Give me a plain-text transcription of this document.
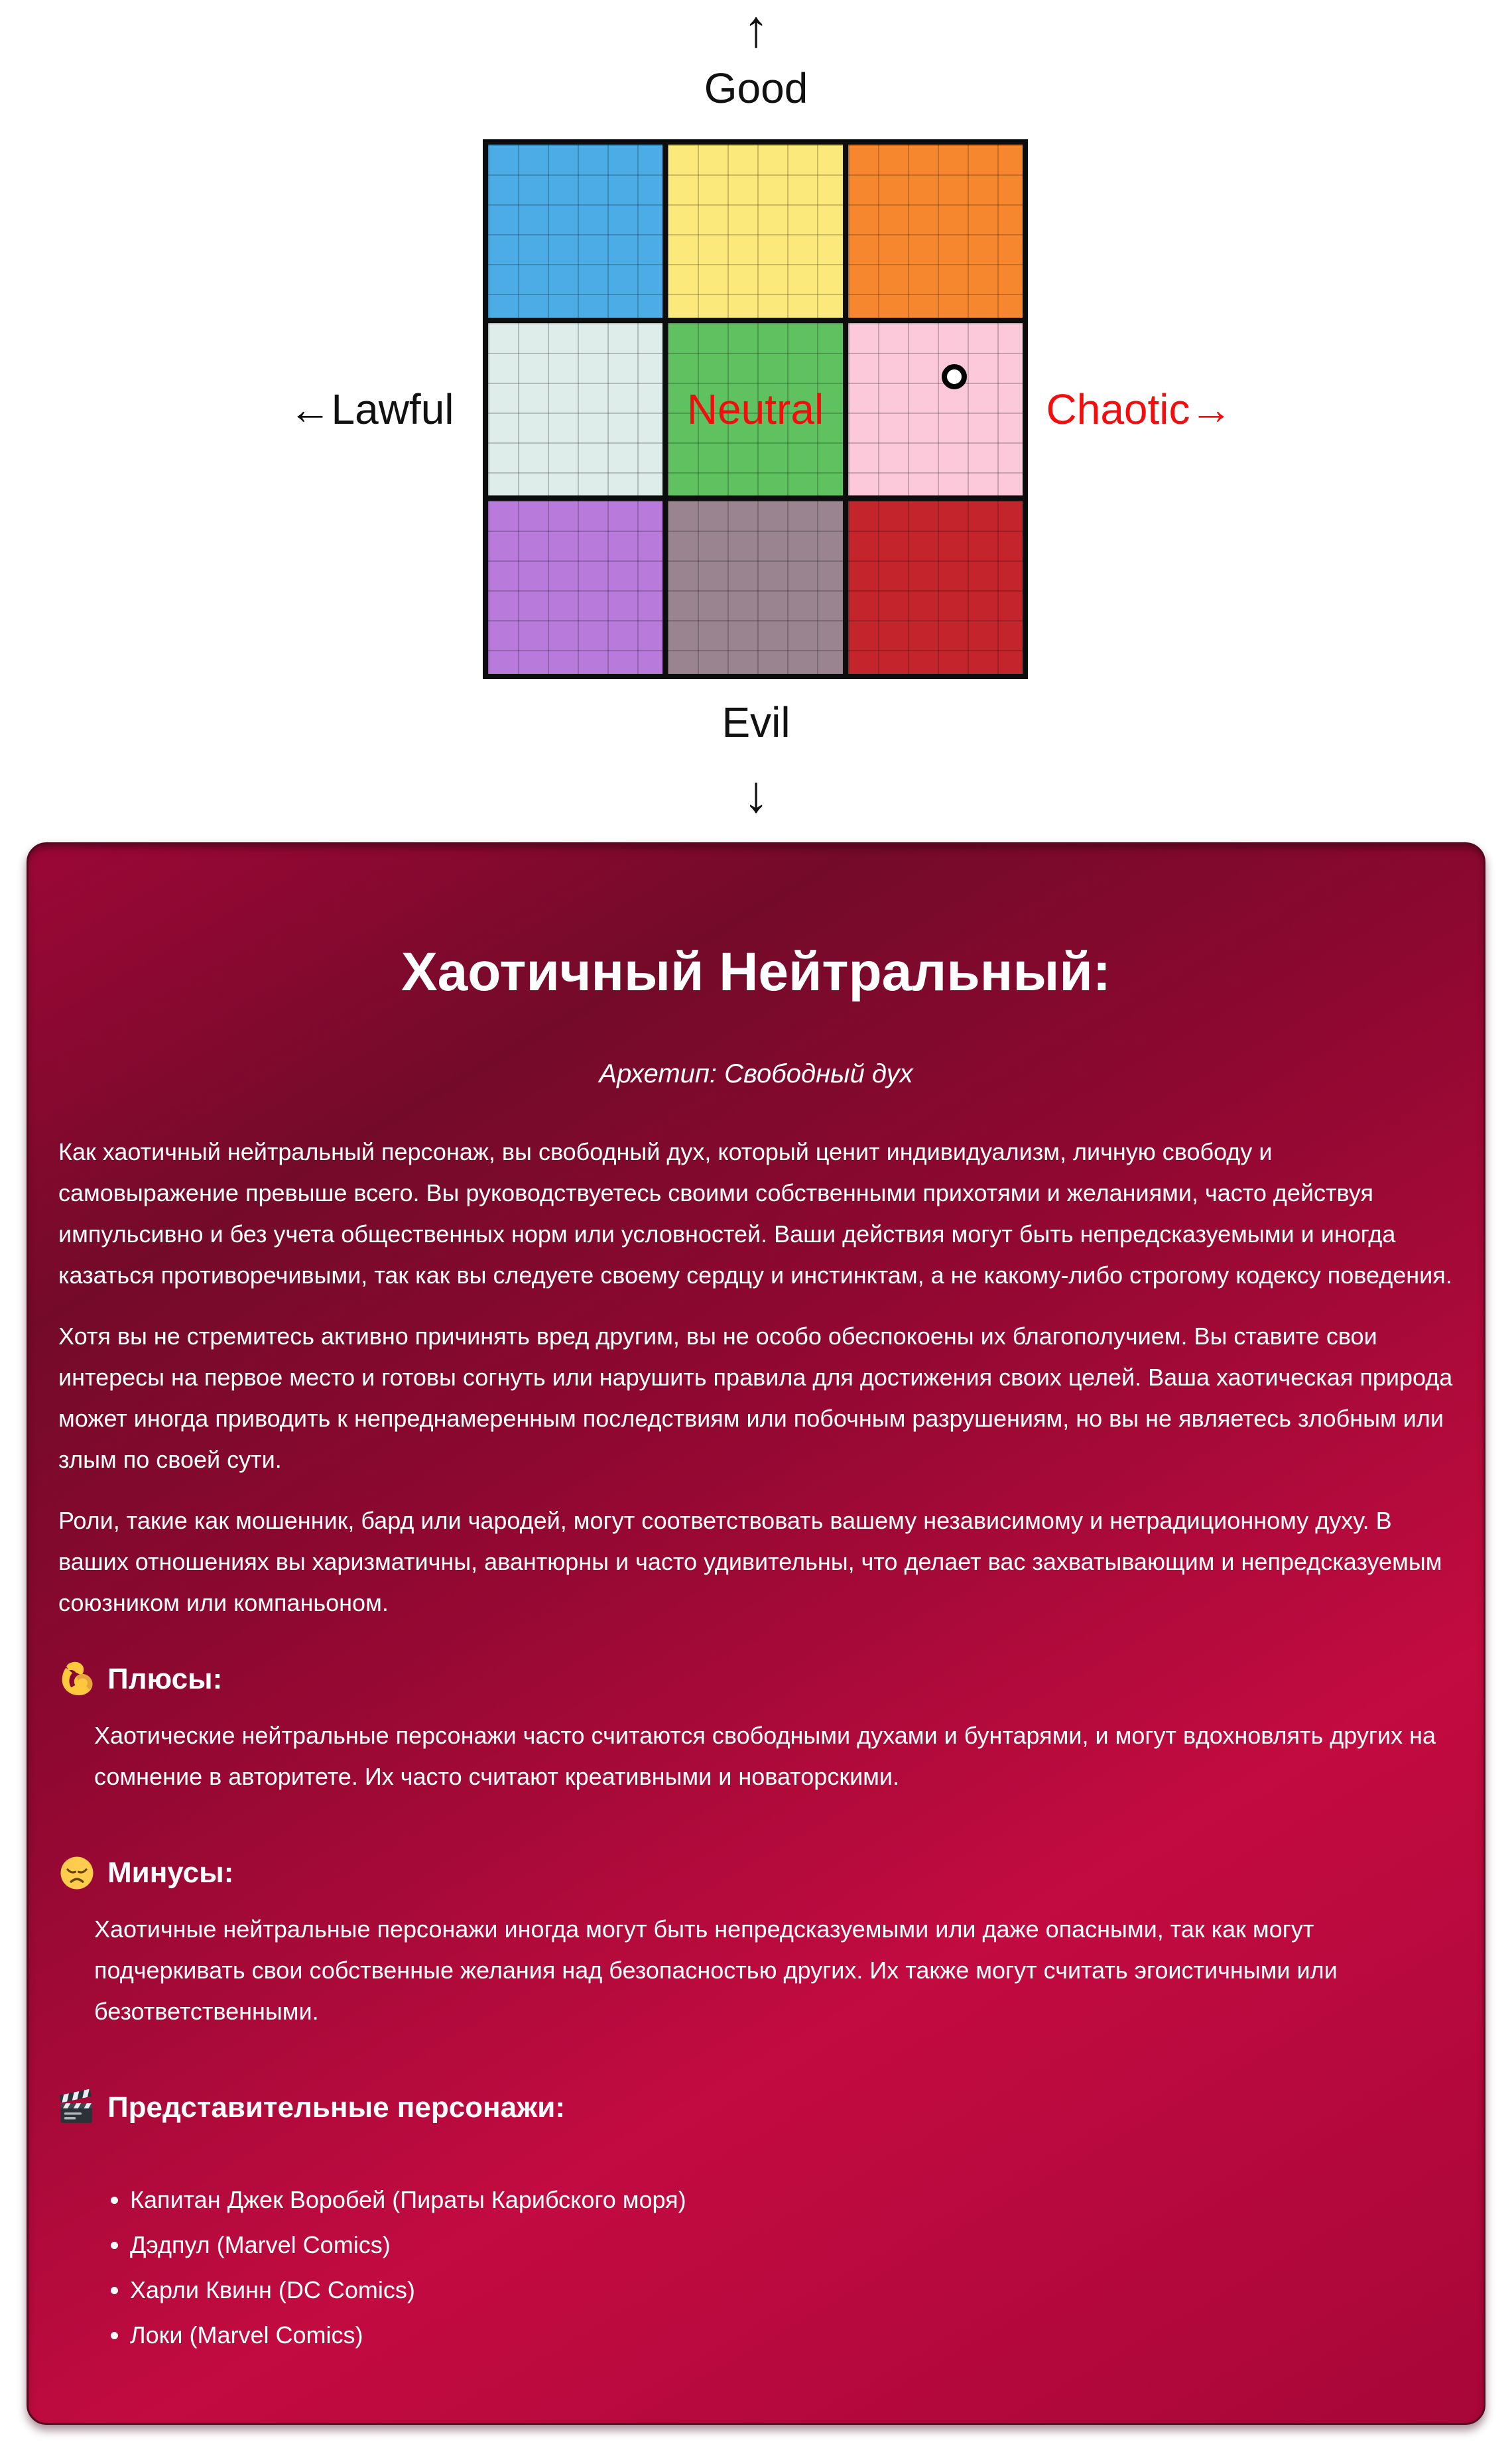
↑
Good
←Lawful	Chaotic→
Neutral
Evil
↓
Хаотичный Нейтральный:
Архетип: Свободный дух

Как хаотичный нейтральный персонаж, вы свободный дух, который ценит индивидуализм, личную свободу и самовыражение превыше всего. Вы руководствуетесь своими собственными прихотями и желаниями, часто действуя импульсивно и без учета общественных норм или условностей. Ваши действия могут быть непредсказуемыми и иногда казаться противоречивыми, так как вы следуете своему сердцу и инстинктам, а не какому-либо строгому кодексу поведения.

Хотя вы не стремитесь активно причинять вред другим, вы не особо обеспокоены их благополучием. Вы ставите свои интересы на первое место и готовы согнуть или нарушить правила для достижения своих целей. Ваша хаотическая природа может иногда приводить к непреднамеренным последствиям или побочным разрушениям, но вы не являетесь злобным или злым по своей сути.

Роли, такие как мошенник, бард или чародей, могут соответствовать вашему независимому и нетрадиционному духу. В ваших отношениях вы харизматичны, авантюрны и часто удивительны, что делает вас захватывающим и непредсказуемым союзником или компаньоном.

Плюсы:

Хаотические нейтральные персонажи часто считаются свободными духами и бунтарями, и могут вдохновлять других на сомнение в авторитете. Их часто считают креативными и новаторскими.

Минусы:

Хаотичные нейтральные персонажи иногда могут быть непредсказуемыми или даже опасными, так как могут подчеркивать свои собственные желания над безопасностью других. Их также могут считать эгоистичными или безответственными.

Представительные персонажи:
• Капитан Джек Воробей (Пираты Карибского моря)
• Дэдпул (Marvel Comics)
• Харли Квинн (DC Comics)
• Локи (Marvel Comics)
